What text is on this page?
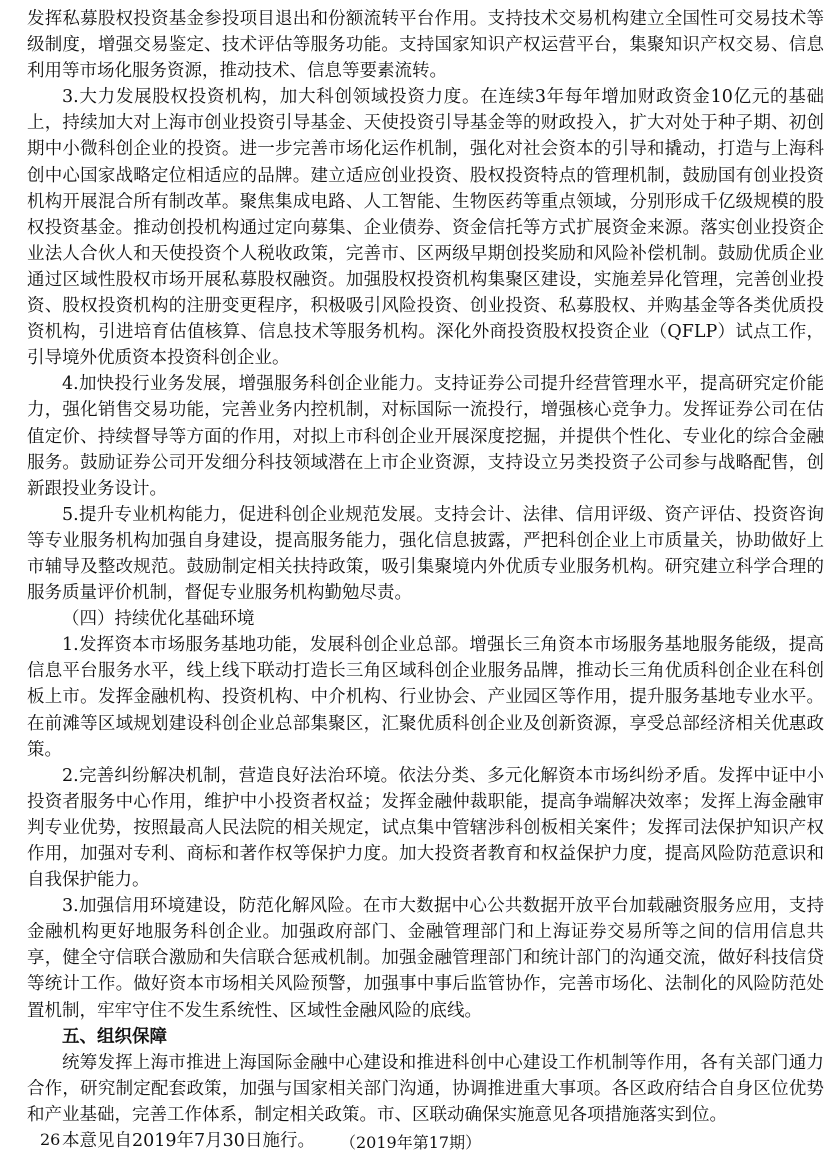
发挥私募股权投资基金参投项目退出和份额流转平台作用。支持技术交易机构建立全国性可交易技术等级制度，增强交易鉴定、技术评估等服务功能。支持国家知识产权运营平台，集聚知识产权交易、信息利用等市场化服务资源，推动技术、信息等要素流转。

3.大力发展股权投资机构，加大科创领域投资力度。在连续3年每年增加财政资金10亿元的基础上，持续加大对上海市创业投资引导基金、天使投资引导基金等的财政投入，扩大对处于种子期、初创期中小微科创企业的投资。进一步完善市场化运作机制，强化对社会资本的引导和撬动，打造与上海科创中心国家战略定位相适应的品牌。建立适应创业投资、股权投资特点的管理机制，鼓励国有创业投资机构开展混合所有制改革。聚焦集成电路、人工智能、生物医药等重点领域，分别形成千亿级规模的股权投资基金。推动创投机构通过定向募集、企业债券、资金信托等方式扩展资金来源。落实创业投资企业法人合伙人和天使投资个人税收政策，完善市、区两级早期创投奖励和风险补偿机制。鼓励优质企业通过区域性股权市场开展私募股权融资。加强股权投资机构集聚区建设，实施差异化管理，完善创业投资、股权投资机构的注册变更程序，积极吸引风险投资、创业投资、私募股权、并购基金等各类优质投资机构，引进培育估值核算、信息技术等服务机构。深化外商投资股权投资企业（QFLP）试点工作，引导境外优质资本投资科创企业。

4.加快投行业务发展，增强服务科创企业能力。支持证券公司提升经营管理水平，提高研究定价能力，强化销售交易功能，完善业务内控机制，对标国际一流投行，增强核心竞争力。发挥证券公司在估值定价、持续督导等方面的作用，对拟上市科创企业开展深度挖掘，并提供个性化、专业化的综合金融服务。鼓励证券公司开发细分科技领域潜在上市企业资源，支持设立另类投资子公司参与战略配售，创新跟投业务设计。

5.提升专业机构能力，促进科创企业规范发展。支持会计、法律、信用评级、资产评估、投资咨询等专业服务机构加强自身建设，提高服务能力，强化信息披露，严把科创企业上市质量关，协助做好上市辅导及整改规范。鼓励制定相关扶持政策，吸引集聚境内外优质专业服务机构。研究建立科学合理的服务质量评价机制，督促专业服务机构勤勉尽责。

（四）持续优化基础环境

1.发挥资本市场服务基地功能，发展科创企业总部。增强长三角资本市场服务基地服务能级，提高信息平台服务水平，线上线下联动打造长三角区域科创企业服务品牌，推动长三角优质科创企业在科创板上市。发挥金融机构、投资机构、中介机构、行业协会、产业园区等作用，提升服务基地专业水平。在前滩等区域规划建设科创企业总部集聚区，汇聚优质科创企业及创新资源，享受总部经济相关优惠政策。

2.完善纠纷解决机制，营造良好法治环境。依法分类、多元化解资本市场纠纷矛盾。发挥中证中小投资者服务中心作用，维护中小投资者权益；发挥金融仲裁职能，提高争端解决效率；发挥上海金融审判专业优势，按照最高人民法院的相关规定，试点集中管辖涉科创板相关案件；发挥司法保护知识产权作用，加强对专利、商标和著作权等保护力度。加大投资者教育和权益保护力度，提高风险防范意识和自我保护能力。

3.加强信用环境建设，防范化解风险。在市大数据中心公共数据开放平台加载融资服务应用，支持金融机构更好地服务科创企业。加强政府部门、金融管理部门和上海证券交易所等之间的信用信息共享，健全守信联合激励和失信联合惩戒机制。加强金融管理部门和统计部门的沟通交流，做好科技信贷等统计工作。做好资本市场相关风险预警，加强事中事后监管协作，完善市场化、法制化的风险防范处置机制，牢牢守住不发生系统性、区域性金融风险的底线。

五、组织保障

统筹发挥上海市推进上海国际金融中心建设和推进科创中心建设工作机制等作用，各有关部门通力合作，研究制定配套政策，加强与国家相关部门沟通，协调推进重大事项。各区政府结合自身区位优势和产业基础，完善工作体系，制定相关政策。市、区联动确保实施意见各项措施落实到位。

本意见自2019年7月30日施行。

26	（2019年第17期）
